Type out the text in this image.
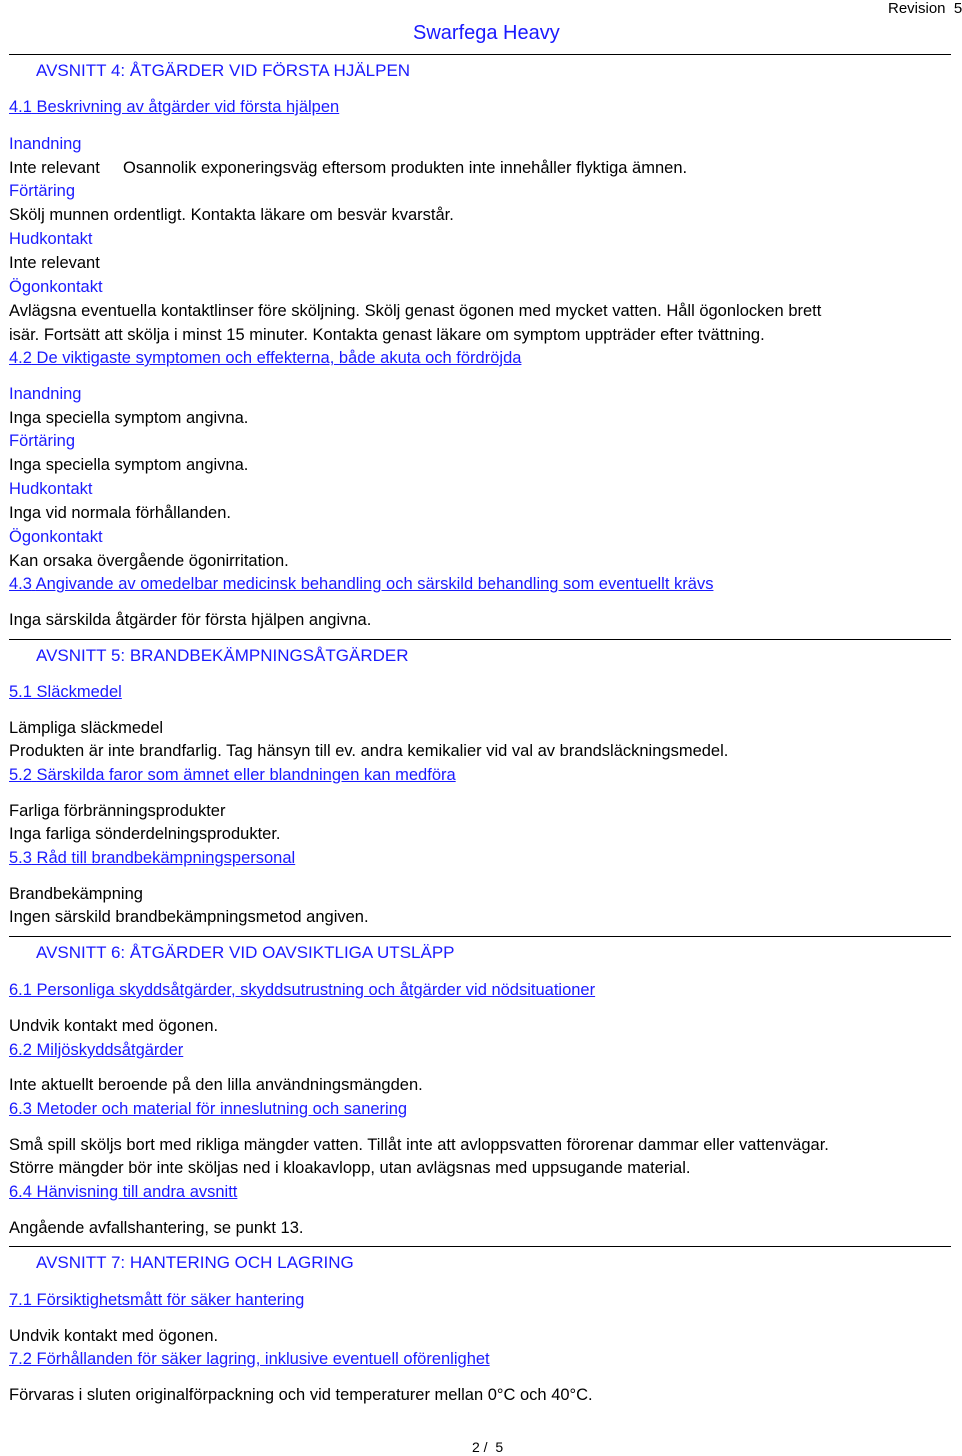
Revision 5
Swarfega Heavy
AVSNITT 4: ÅTGÄRDER VID FÖRSTA HJÄLPEN
4.1 Beskrivning av åtgärder vid första hjälpen
Inandning
Inte relevant Osannolik exponeringsväg eftersom produkten inte innehåller flyktiga ämnen.
Förtäring
Skölj munnen ordentligt. Kontakta läkare om besvär kvarstår.
Hudkontakt
Inte relevant
Ögonkontakt
Avlägsna eventuella kontaktlinser före sköljning. Skölj genast ögonen med mycket vatten. Håll ögonlocken brett
isär. Fortsätt att skölja i minst 15 minuter. Kontakta genast läkare om symptom uppträder efter tvättning.
4.2 De viktigaste symptomen och effekterna, både akuta och fördröjda
Inandning
Inga speciella symptom angivna.
Förtäring
Inga speciella symptom angivna.
Hudkontakt
Inga vid normala förhållanden.
Ögonkontakt
Kan orsaka övergående ögonirritation.
4.3 Angivande av omedelbar medicinsk behandling och särskild behandling som eventuellt krävs
Inga särskilda åtgärder för första hjälpen angivna.
AVSNITT 5: BRANDBEKÄMPNINGSÅTGÄRDER
5.1 Släckmedel
Lämpliga släckmedel
Produkten är inte brandfarlig. Tag hänsyn till ev. andra kemikalier vid val av brandsläckningsmedel.
5.2 Särskilda faror som ämnet eller blandningen kan medföra
Farliga förbränningsprodukter
Inga farliga sönderdelningsprodukter.
5.3 Råd till brandbekämpningspersonal
Brandbekämpning
Ingen särskild brandbekämpningsmetod angiven.
AVSNITT 6: ÅTGÄRDER VID OAVSIKTLIGA UTSLÄPP
6.1 Personliga skyddsåtgärder, skyddsutrustning och åtgärder vid nödsituationer
Undvik kontakt med ögonen.
6.2 Miljöskyddsåtgärder
Inte aktuellt beroende på den lilla användningsmängden.
6.3 Metoder och material för inneslutning och sanering
Små spill sköljs bort med rikliga mängder vatten. Tillåt inte att avloppsvatten förorenar dammar eller vattenvägar.
Större mängder bör inte sköljas ned i kloakavlopp, utan avlägsnas med uppsugande material.
6.4 Hänvisning till andra avsnitt
Angående avfallshantering, se punkt 13.
AVSNITT 7: HANTERING OCH LAGRING
7.1 Försiktighetsmått för säker hantering
Undvik kontakt med ögonen.
7.2 Förhållanden för säker lagring, inklusive eventuell oförenlighet
Förvaras i sluten originalförpackning och vid temperaturer mellan 0°C och 40°C.
2 /  5
